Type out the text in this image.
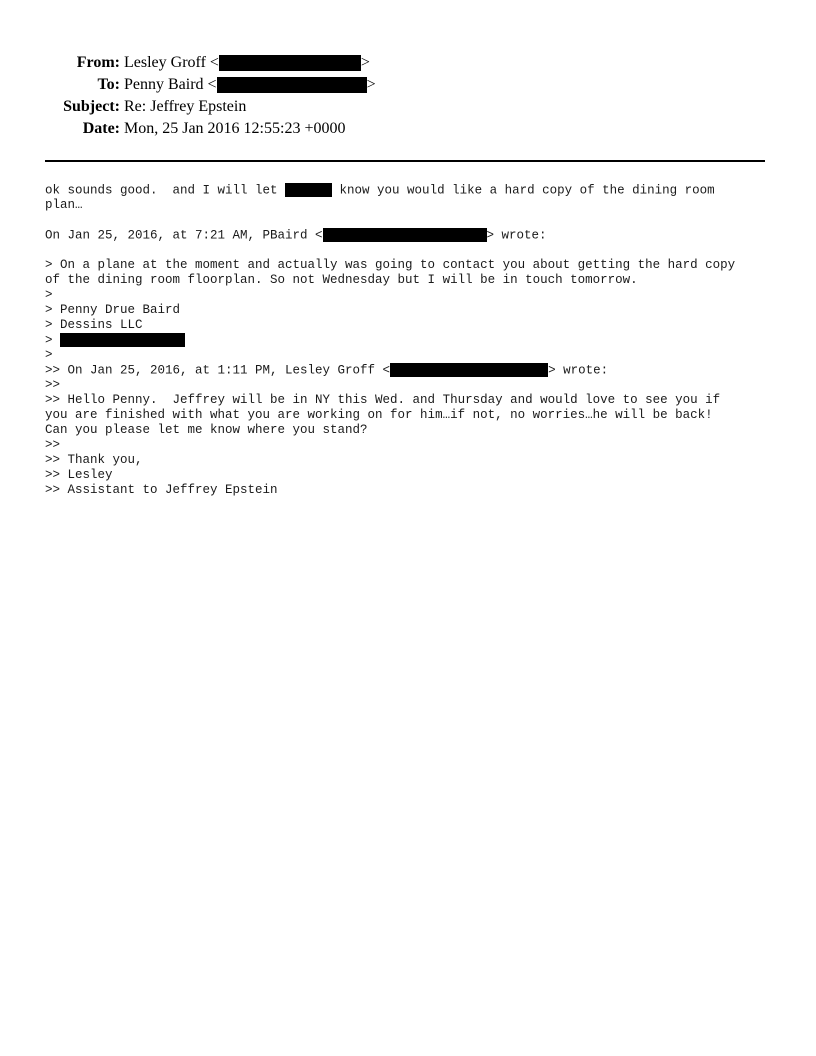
From: Lesley Groff <	>
To: Penny Baird <	>
Subject: Re: Jeffrey Epstein
Date: Mon, 25 Jan 2016 12:55:23 +0000
ok sounds good.  and I will let	know you would like a hard copy of the dining room
plan…
On Jan 25, 2016, at 7:21 AM, PBaird <	> wrote:
> On a plane at the moment and actually was going to contact you about getting the hard copy
of the dining room floorplan. So not Wednesday but I will be in touch tomorrow.
>
> Penny Drue Baird
> Dessins LLC
>
>
>> On Jan 25, 2016, at 1:11 PM, Lesley Groff <	> wrote:
>>
>> Hello Penny.  Jeffrey will be in NY this Wed. and Thursday and would love to see you if
you are finished with what you are working on for him…if not, no worries…he will be back!
Can you please let me know where you stand?
>>
>> Thank you,
>> Lesley
>> Assistant to Jeffrey Epstein
